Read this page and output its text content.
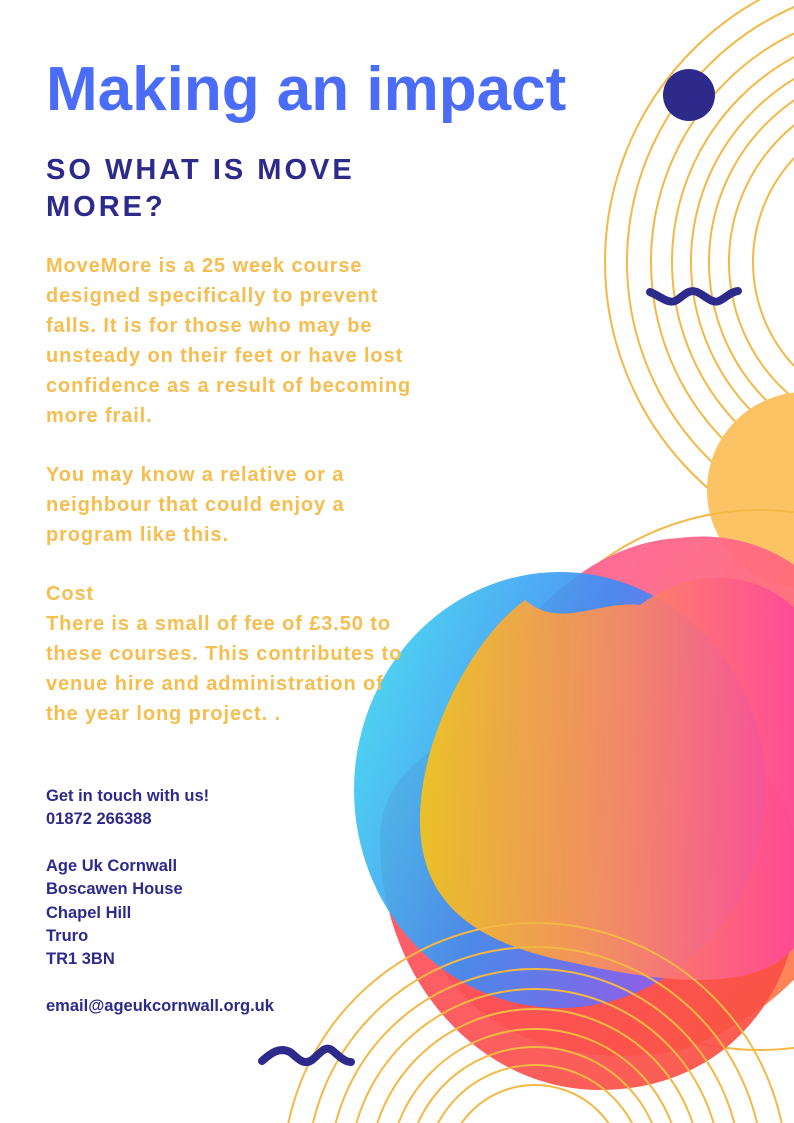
Making an impact
SO WHAT IS MOVE MORE?

MoveMore is a 25 week course designed specifically to prevent falls. It is for those who may be unsteady on their feet or have lost confidence as a result of becoming more frail.

You may know a relative or a neighbour that could enjoy a program like this.

Cost

There is a small of fee of £3.50 to these courses. This contributes to venue hire and administration of the year long project. .

Get in touch with us!
01872 266388
Age Uk Cornwall
Boscawen House
Chapel Hill
Truro
TR1 3BN
email@ageukcornwall.org.uk
